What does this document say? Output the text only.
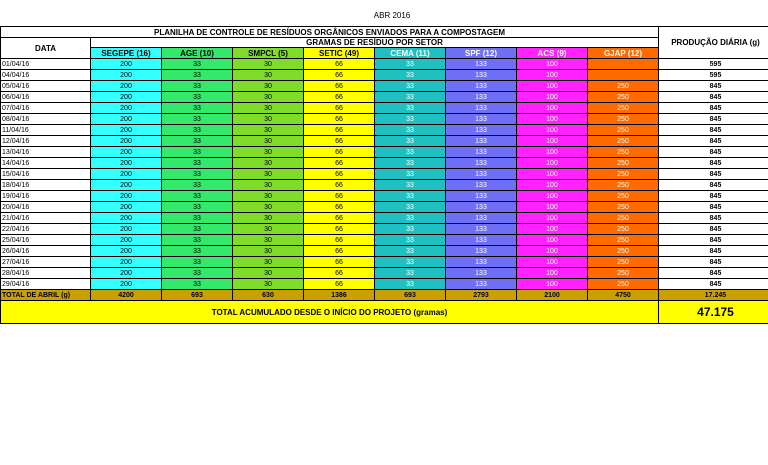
ABR 2016
PLANILHA DE CONTROLE DE RESÍDUOS ORGÂNICOS ENVIADOS PARA A COMPOSTAGEM									PRODUÇÃO DIÁRIA (g)
DATA	GRAMAS DE RESÍDUO POR SETOR								
	SEGEPE (16)	AGE (10)	SMPCL (5)	SETIC (49)	CEMA (11)	SPF (12)	ACS (9)	GJAP (12)	
01/04/16	200	33	30	66	33	133	100		595
04/04/16	200	33	30	66	33	133	100		595
05/04/16	200	33	30	66	33	133	100	250	845
06/04/16	200	33	30	66	33	133	100	250	845
07/04/16	200	33	30	66	33	133	100	250	845
08/04/16	200	33	30	66	33	133	100	250	845
11/04/16	200	33	30	66	33	133	100	250	845
12/04/16	200	33	30	66	33	133	100	250	845
13/04/16	200	33	30	66	33	133	100	250	845
14/04/16	200	33	30	66	33	133	100	250	845
15/04/16	200	33	30	66	33	133	100	250	845
18/04/16	200	33	30	66	33	133	100	250	845
19/04/16	200	33	30	66	33	133	100	250	845
20/04/16	200	33	30	66	33	133	100	250	845
21/04/16	200	33	30	66	33	133	100	250	845
22/04/16	200	33	30	66	33	133	100	250	845
25/04/16	200	33	30	66	33	133	100	250	845
26/04/16	200	33	30	66	33	133	100	250	845
27/04/16	200	33	30	66	33	133	100	250	845
28/04/16	200	33	30	66	33	133	100	250	845
29/04/16	200	33	30	66	33	133	100	250	845
TOTAL DE ABRIL (g)	4200	693	630	1386	693	2793	2100	4750	17.245
TOTAL ACUMULADO DESDE O INÍCIO DO PROJETO (gramas)									47.175
